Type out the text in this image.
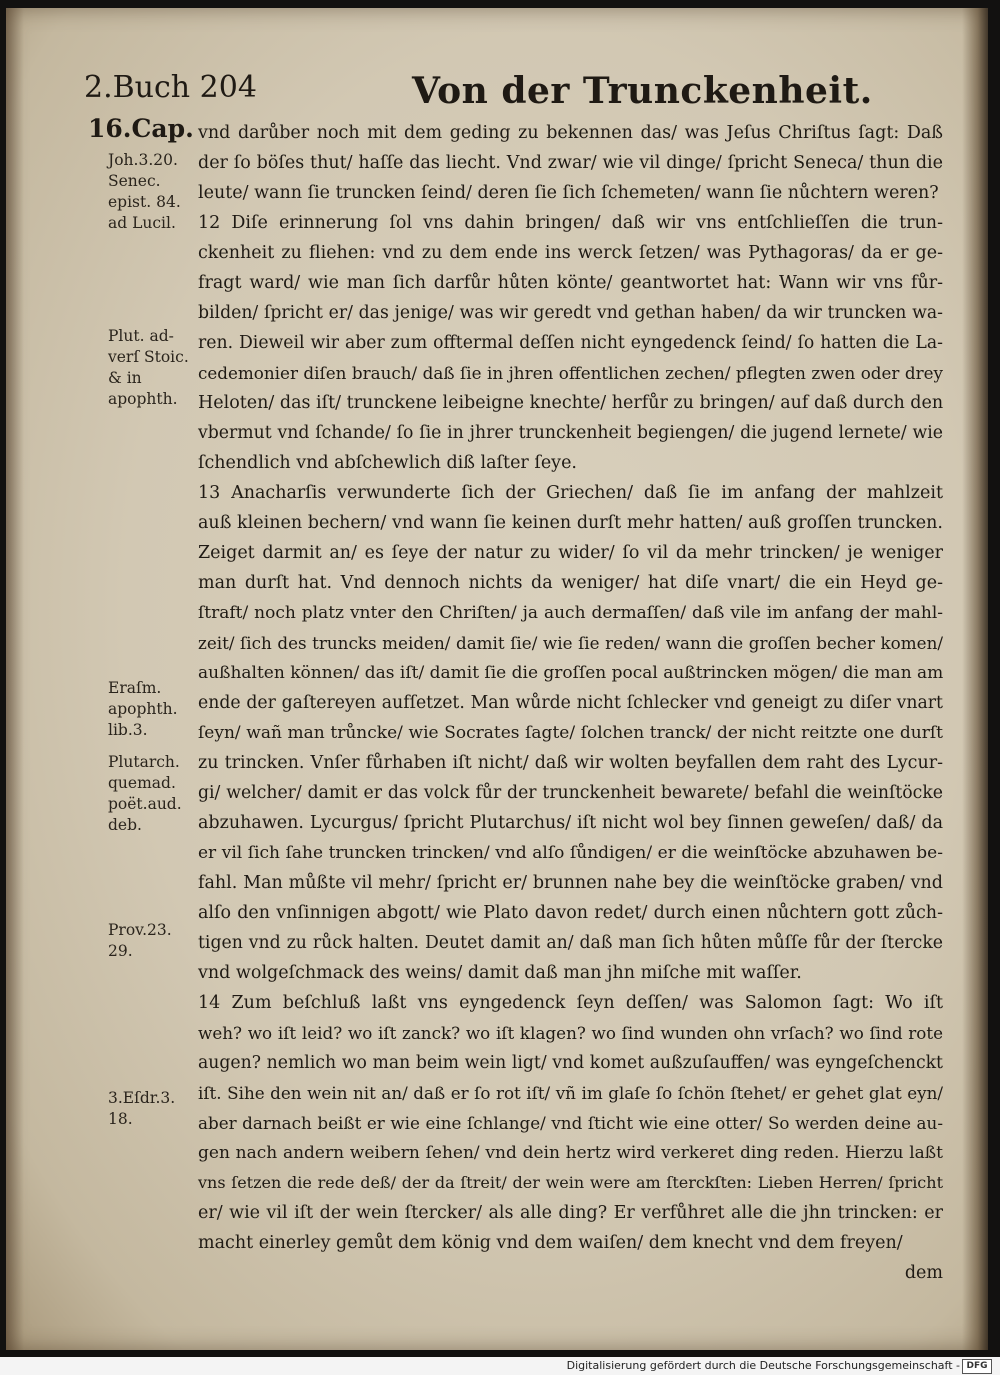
2.Buch 204	Von der Trunckenheit.
16.Cap.
Joh.3.20.
Senec.
epist. 84.
ad Lucil.
Plut. ad-
verſ Stoic.
& in
apophth.
Eraſm.
apophth.
lib.3.
Plutarch.
quemad.
poët.aud.
deb.
Prov.23.
29.
3.Eſdr.3.
18.
vnd darůber noch mit dem geding zu bekennen das/ was Jeſus Chriſtus ſagt: Daß
der ſo böſes thut/ haſſe das liecht. Vnd zwar/ wie vil dinge/ ſpricht Seneca/ thun die
leute/ wann ſie truncken ſeind/ deren ſie ſich ſchemeten/ wann ſie nůchtern weren?
12 Diſe erinnerung ſol vns dahin bringen/ daß wir vns entſchlieſſen die trun-
ckenheit zu fliehen: vnd zu dem ende ins werck ſetzen/ was Pythagoras/ da er ge-
fragt ward/ wie man ſich darfůr hůten könte/ geantwortet hat: Wann wir vns fůr-
bilden/ ſpricht er/ das jenige/ was wir geredt vnd gethan haben/ da wir truncken wa-
ren. Dieweil wir aber zum offtermal deſſen nicht eyngedenck ſeind/ ſo hatten die La-
cedemonier diſen brauch/ daß ſie in jhren offentlichen zechen/ pflegten zwen oder drey
Heloten/ das iſt/ trunckene leibeigne knechte/ herfůr zu bringen/ auf daß durch den
vbermut vnd ſchande/ ſo ſie in jhrer trunckenheit begiengen/ die jugend lernete/ wie
ſchendlich vnd abſchewlich diß laſter ſeye.
13 Anacharſis verwunderte ſich der Griechen/ daß ſie im anfang der mahlzeit
auß kleinen bechern/ vnd wann ſie keinen durſt mehr hatten/ auß groſſen truncken.
Zeiget darmit an/ es ſeye der natur zu wider/ ſo vil da mehr trincken/ je weniger
man durſt hat. Vnd dennoch nichts da weniger/ hat diſe vnart/ die ein Heyd ge-
ſtraft/ noch platz vnter den Chriſten/ ja auch dermaſſen/ daß vile im anfang der mahl-
zeit/ ſich des truncks meiden/ damit ſie/ wie ſie reden/ wann die groſſen becher komen/
außhalten können/ das iſt/ damit ſie die groſſen pocal außtrincken mögen/ die man am
ende der gaſtereyen aufſetzet. Man wůrde nicht ſchlecker vnd geneigt zu diſer vnart
ſeyn/ wañ man trůncke/ wie Socrates ſagte/ ſolchen tranck/ der nicht reitzte one durſt
zu trincken. Vnſer fůrhaben iſt nicht/ daß wir wolten beyfallen dem raht des Lycur-
gi/ welcher/ damit er das volck fůr der trunckenheit bewarete/ befahl die weinſtöcke
abzuhawen. Lycurgus/ ſpricht Plutarchus/ iſt nicht wol bey ſinnen geweſen/ daß/ da
er vil ſich ſahe truncken trincken/ vnd alſo ſůndigen/ er die weinſtöcke abzuhawen be-
fahl. Man můßte vil mehr/ ſpricht er/ brunnen nahe bey die weinſtöcke graben/ vnd
alſo den vnſinnigen abgott/ wie Plato davon redet/ durch einen nůchtern gott zůch-
tigen vnd zu růck halten. Deutet damit an/ daß man ſich hůten můſſe fůr der ſtercke
vnd wolgeſchmack des weins/ damit daß man jhn miſche mit waſſer.
14 Zum beſchluß laßt vns eyngedenck ſeyn deſſen/ was Salomon ſagt: Wo iſt
weh? wo iſt leid? wo iſt zanck? wo iſt klagen? wo ſind wunden ohn vrſach? wo ſind rote
augen? nemlich wo man beim wein ligt/ vnd komet außzuſauffen/ was eyngeſchenckt
iſt. Sihe den wein nit an/ daß er ſo rot iſt/ vñ im glaſe ſo ſchön ſtehet/ er gehet glat eyn/
aber darnach beißt er wie eine ſchlange/ vnd ſticht wie eine otter/ So werden deine au-
gen nach andern weibern ſehen/ vnd dein hertz wird verkeret ding reden. Hierzu laßt
vns ſetzen die rede deß/ der da ſtreit/ der wein were am ſterckſten: Lieben Herren/ ſpricht
er/ wie vil iſt der wein ſtercker/ als alle ding? Er verfůhret alle die jhn trincken: er
macht einerley gemůt dem könig vnd dem waiſen/ dem knecht vnd dem freyen/
dem
Digitalisierung gefördert durch die Deutsche Forschungsgemeinschaft - DFG
